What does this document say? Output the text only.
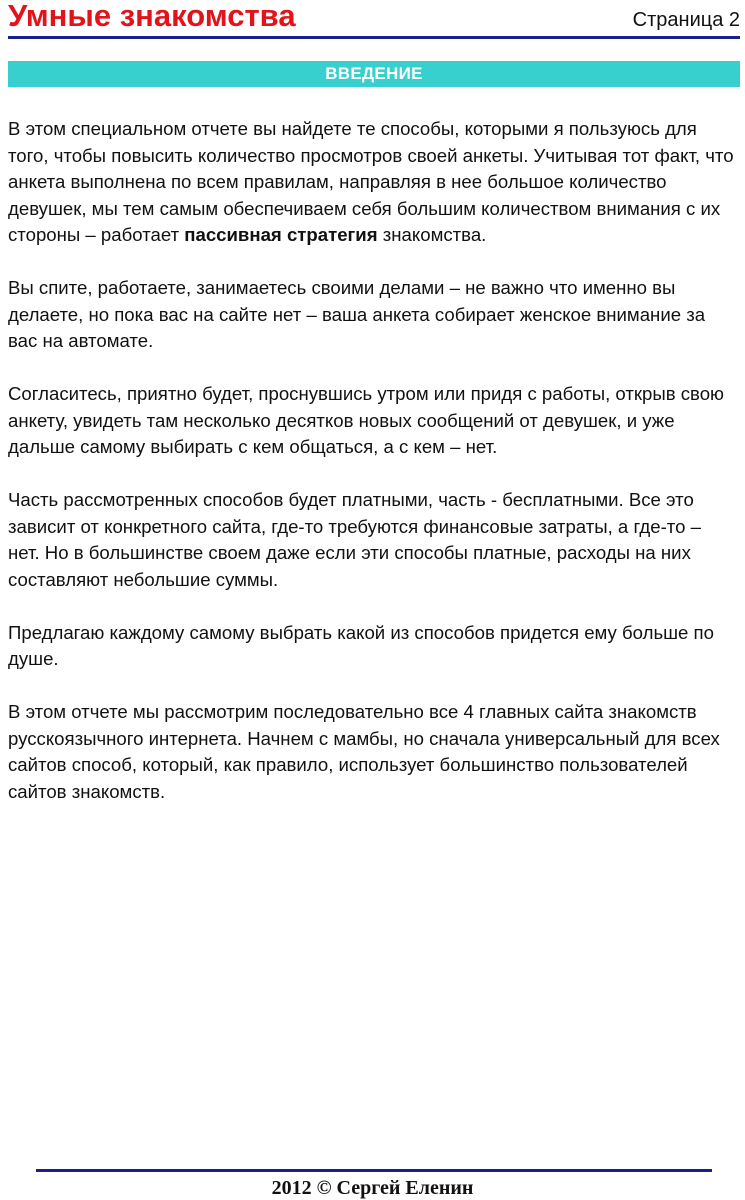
Умные знакомства	Страница 2
ВВЕДЕНИЕ

В этом специальном отчете вы найдете те способы, которыми я пользуюсь для того, чтобы повысить количество просмотров своей анкеты. Учитывая тот факт, что анкета выполнена по всем правилам, направляя в нее большое количество девушек, мы тем самым обеспечиваем себя большим количеством внимания с их стороны – работает пассивная стратегия знакомства.

Вы спите, работаете, занимаетесь своими делами – не важно что именно вы делаете, но пока вас на сайте нет – ваша анкета собирает женское внимание за вас на автомате.

Согласитесь, приятно будет, проснувшись утром или придя с работы, открыв свою анкету, увидеть там несколько десятков новых сообщений от девушек, и уже дальше самому выбирать с кем общаться, а с кем – нет.

Часть рассмотренных способов будет платными, часть - бесплатными. Все это зависит от конкретного сайта, где-то требуются финансовые затраты, а где-то – нет. Но в большинстве своем даже если эти способы платные, расходы на них составляют небольшие суммы.

Предлагаю каждому самому выбрать какой из способов придется ему больше по душе.

В этом отчете мы рассмотрим последовательно все 4 главных сайта знакомств русскоязычного интернета. Начнем с мамбы, но сначала универсальный для всех сайтов способ, который, как правило, использует большинство пользователей сайтов знакомств.

2012 © Сергей Еленин
